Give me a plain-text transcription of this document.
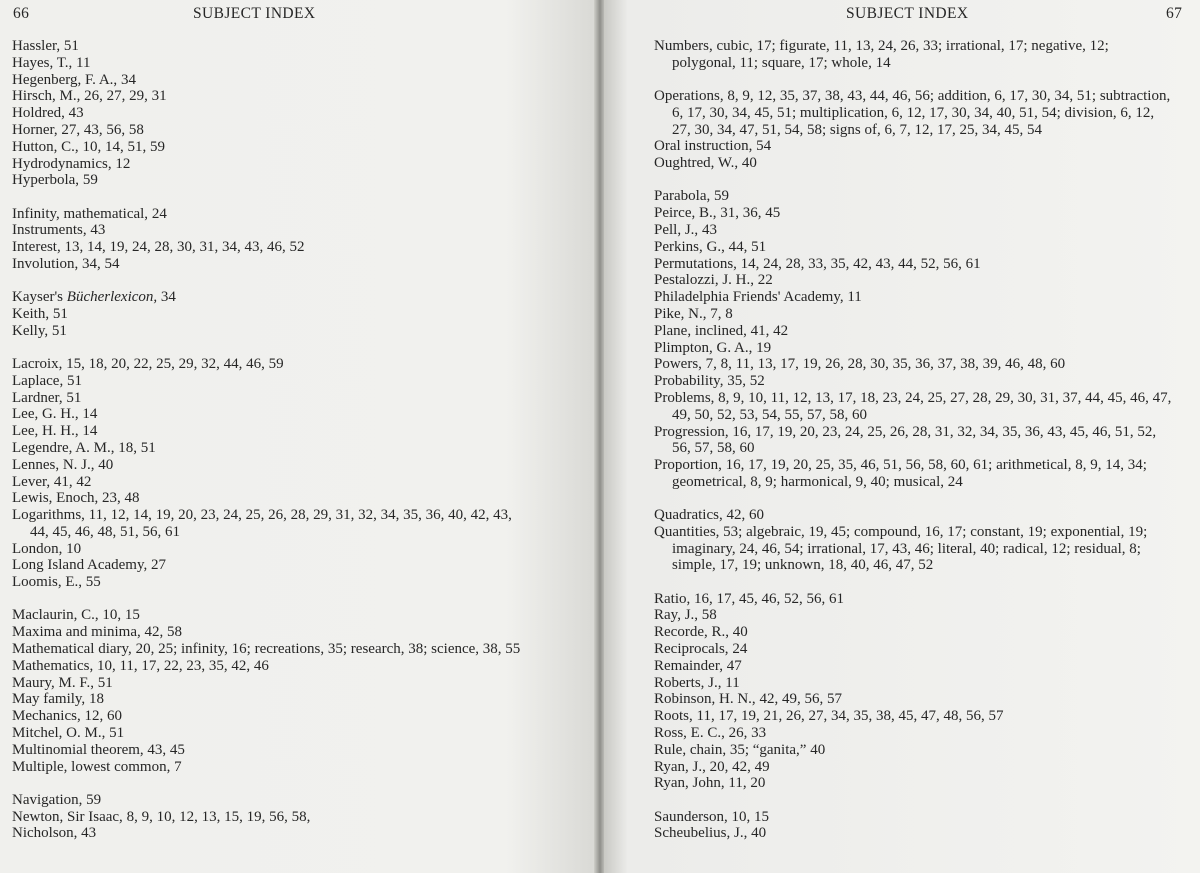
66	SUBJECT INDEX

Hassler, 51

Hayes, T., 11

Hegenberg, F. A., 34

Hirsch, M., 26, 27, 29, 31

Holdred, 43

Horner, 27, 43, 56, 58

Hutton, C., 10, 14, 51, 59

Hydrodynamics, 12

Hyperbola, 59

Infinity, mathematical, 24

Instruments, 43

Interest, 13, 14, 19, 24, 28, 30, 31, 34, 43, 46, 52

Involution, 34, 54

Kayser's Bücherlexicon, 34

Keith, 51

Kelly, 51

Lacroix, 15, 18, 20, 22, 25, 29, 32, 44, 46, 59

Laplace, 51

Lardner, 51

Lee, G. H., 14

Lee, H. H., 14

Legendre, A. M., 18, 51

Lennes, N. J., 40

Lever, 41, 42

Lewis, Enoch, 23, 48

Logarithms, 11, 12, 14, 19, 20, 23, 24, 25, 26, 28, 29, 31, 32, 34, 35, 36, 40, 42, 43, 44, 45, 46, 48, 51, 56, 61

London, 10

Long Island Academy, 27

Loomis, E., 55

Maclaurin, C., 10, 15

Maxima and minima, 42, 58

Mathematical diary, 20, 25; infinity, 16; recreations, 35; research, 38; science, 38, 55

Mathematics, 10, 11, 17, 22, 23, 35, 42, 46

Maury, M. F., 51

May family, 18

Mechanics, 12, 60

Mitchel, O. M., 51

Multinomial theorem, 43, 45

Multiple, lowest common, 7

Navigation, 59

Newton, Sir Isaac, 8, 9, 10, 12, 13, 15, 19, 56, 58,

Nicholson, 43

SUBJECT INDEX	67

Numbers, cubic, 17; figurate, 11, 13, 24, 26, 33; irrational, 17; negative, 12; polygonal, 11; square, 17; whole, 14

Operations, 8, 9, 12, 35, 37, 38, 43, 44, 46, 56; addition, 6, 17, 30, 34, 51; subtraction, 6, 17, 30, 34, 45, 51; multiplication, 6, 12, 17, 30, 34, 40, 51, 54; division, 6, 12, 27, 30, 34, 47, 51, 54, 58; signs of, 6, 7, 12, 17, 25, 34, 45, 54

Oral instruction, 54

Oughtred, W., 40

Parabola, 59

Peirce, B., 31, 36, 45

Pell, J., 43

Perkins, G., 44, 51

Permutations, 14, 24, 28, 33, 35, 42, 43, 44, 52, 56, 61

Pestalozzi, J. H., 22

Philadelphia Friends' Academy, 11

Pike, N., 7, 8

Plane, inclined, 41, 42

Plimpton, G. A., 19

Powers, 7, 8, 11, 13, 17, 19, 26, 28, 30, 35, 36, 37, 38, 39, 46, 48, 60

Probability, 35, 52

Problems, 8, 9, 10, 11, 12, 13, 17, 18, 23, 24, 25, 27, 28, 29, 30, 31, 37, 44, 45, 46, 47, 49, 50, 52, 53, 54, 55, 57, 58, 60

Progression, 16, 17, 19, 20, 23, 24, 25, 26, 28, 31, 32, 34, 35, 36, 43, 45, 46, 51, 52, 56, 57, 58, 60

Proportion, 16, 17, 19, 20, 25, 35, 46, 51, 56, 58, 60, 61; arithmetical, 8, 9, 14, 34; geometrical, 8, 9; harmonical, 9, 40; musical, 24

Quadratics, 42, 60

Quantities, 53; algebraic, 19, 45; compound, 16, 17; constant, 19; exponential, 19; imaginary, 24, 46, 54; irrational, 17, 43, 46; literal, 40; radical, 12; residual, 8; simple, 17, 19; unknown, 18, 40, 46, 47, 52

Ratio, 16, 17, 45, 46, 52, 56, 61

Ray, J., 58

Recorde, R., 40

Reciprocals, 24

Remainder, 47

Roberts, J., 11

Robinson, H. N., 42, 49, 56, 57

Roots, 11, 17, 19, 21, 26, 27, 34, 35, 38, 45, 47, 48, 56, 57

Ross, E. C., 26, 33

Rule, chain, 35; “ganita,” 40

Ryan, J., 20, 42, 49

Ryan, John, 11, 20

Saunderson, 10, 15

Scheubelius, J., 40
